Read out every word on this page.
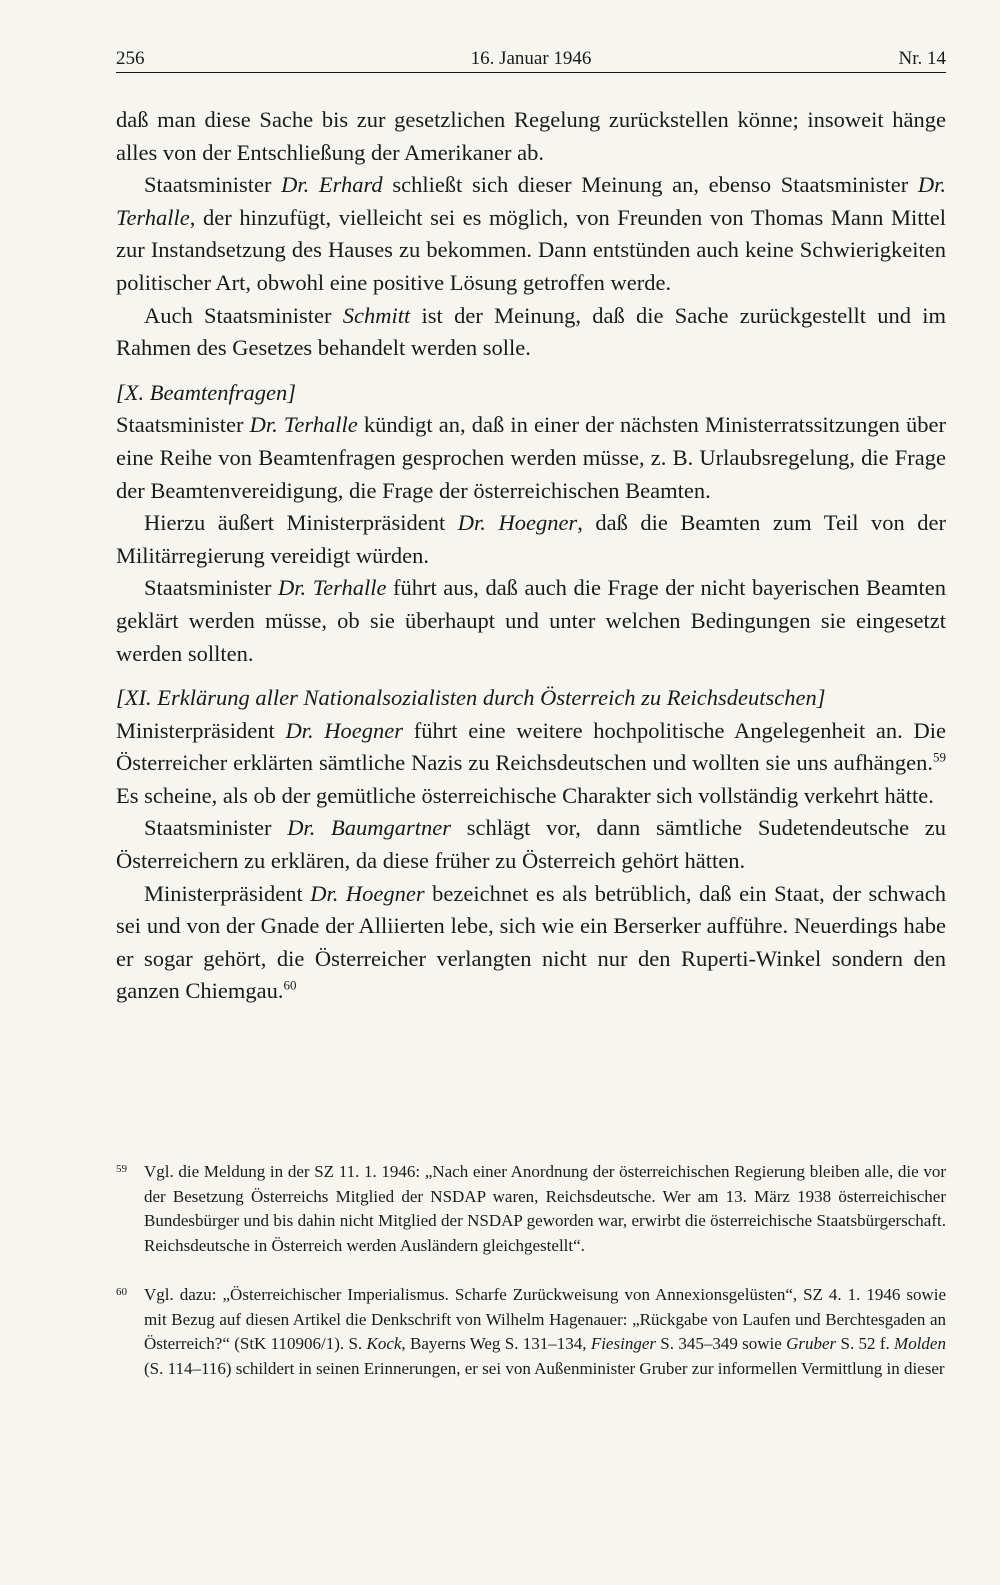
256	16. Januar 1946	Nr. 14

daß man diese Sache bis zur gesetzlichen Regelung zurückstellen könne; insoweit hänge alles von der Entschließung der Amerikaner ab.

Staatsminister Dr. Erhard schließt sich dieser Meinung an, ebenso Staatsminister Dr. Terhalle, der hinzufügt, vielleicht sei es möglich, von Freunden von Thomas Mann Mittel zur Instandsetzung des Hauses zu bekommen. Dann entstünden auch keine Schwierigkeiten politischer Art, obwohl eine positive Lösung getroffen werde.

Auch Staatsminister Schmitt ist der Meinung, daß die Sache zurückgestellt und im Rahmen des Gesetzes behandelt werden solle.

[X. Beamtenfragen]

Staatsminister Dr. Terhalle kündigt an, daß in einer der nächsten Ministerratssitzungen über eine Reihe von Beamtenfragen gesprochen werden müsse, z. B. Urlaubsregelung, die Frage der Beamtenvereidigung, die Frage der österreichischen Beamten.

Hierzu äußert Ministerpräsident Dr. Hoegner, daß die Beamten zum Teil von der Militärregierung vereidigt würden.

Staatsminister Dr. Terhalle führt aus, daß auch die Frage der nicht bayerischen Beamten geklärt werden müsse, ob sie überhaupt und unter welchen Bedingungen sie eingesetzt werden sollten.

[XI. Erklärung aller Nationalsozialisten durch Österreich zu Reichsdeutschen]

Ministerpräsident Dr. Hoegner führt eine weitere hochpolitische Angelegenheit an. Die Österreicher erklärten sämtliche Nazis zu Reichsdeutschen und wollten sie uns aufhängen.$^{59}$ Es scheine, als ob der gemütliche österreichische Charakter sich vollständig verkehrt hätte.

Staatsminister Dr. Baumgartner schlägt vor, dann sämtliche Sudetendeutsche zu Österreichern zu erklären, da diese früher zu Österreich gehört hätten.

Ministerpräsident Dr. Hoegner bezeichnet es als betrüblich, daß ein Staat, der schwach sei und von der Gnade der Alliierten lebe, sich wie ein Berserker aufführe. Neuerdings habe er sogar gehört, die Österreicher verlangten nicht nur den Ruperti-Winkel sondern den ganzen Chiemgau.$^{60}$

59 Vgl. die Meldung in der SZ 11. 1. 1946: „Nach einer Anordnung der österreichischen Regierung bleiben alle, die vor der Besetzung Österreichs Mitglied der NSDAP waren, Reichsdeutsche. Wer am 13. März 1938 österreichischer Bundesbürger und bis dahin nicht Mitglied der NSDAP geworden war, erwirbt die österreichische Staatsbürgerschaft. Reichsdeutsche in Österreich werden Ausländern gleichgestellt“.
60 Vgl. dazu: „Österreichischer Imperialismus. Scharfe Zurückweisung von Annexionsgelüsten“, SZ 4. 1. 1946 sowie mit Bezug auf diesen Artikel die Denkschrift von Wilhelm Hagenauer: „Rückgabe von Laufen und Berchtesgaden an Österreich?“ (StK 110906/1). S. Kock, Bayerns Weg S. 131–134, Fiesinger S. 345–349 sowie Gruber S. 52 f. Molden (S. 114–116) schildert in seinen Erinnerungen, er sei von Außenminister Gruber zur informellen Vermittlung in dieser
